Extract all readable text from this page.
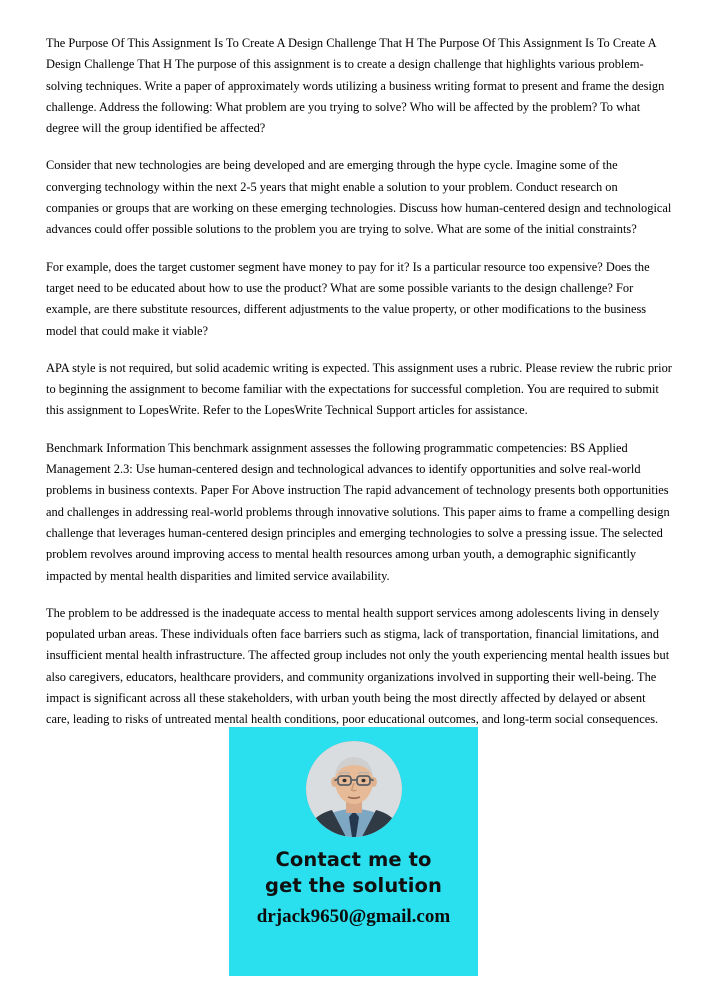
The Purpose Of This Assignment Is To Create A Design Challenge That H The Purpose Of This Assignment Is To Create A Design Challenge That H The purpose of this assignment is to create a design challenge that highlights various problem-solving techniques. Write a paper of approximately words utilizing a business writing format to present and frame the design challenge. Address the following: What problem are you trying to solve? Who will be affected by the problem? To what degree will the group identified be affected?

Consider that new technologies are being developed and are emerging through the hype cycle. Imagine some of the converging technology within the next 2-5 years that might enable a solution to your problem. Conduct research on companies or groups that are working on these emerging technologies. Discuss how human-centered design and technological advances could offer possible solutions to the problem you are trying to solve. What are some of the initial constraints?

For example, does the target customer segment have money to pay for it? Is a particular resource too expensive? Does the target need to be educated about how to use the product? What are some possible variants to the design challenge? For example, are there substitute resources, different adjustments to the value property, or other modifications to the business model that could make it viable?

APA style is not required, but solid academic writing is expected. This assignment uses a rubric. Please review the rubric prior to beginning the assignment to become familiar with the expectations for successful completion. You are required to submit this assignment to LopesWrite. Refer to the LopesWrite Technical Support articles for assistance.

Benchmark Information This benchmark assignment assesses the following programmatic competencies: BS Applied Management 2.3: Use human-centered design and technological advances to identify opportunities and solve real-world problems in business contexts. Paper For Above instruction The rapid advancement of technology presents both opportunities and challenges in addressing real-world problems through innovative solutions. This paper aims to frame a compelling design challenge that leverages human-centered design principles and emerging technologies to solve a pressing issue. The selected problem revolves around improving access to mental health resources among urban youth, a demographic significantly impacted by mental health disparities and limited service availability.

The problem to be addressed is the inadequate access to mental health support services among adolescents living in densely populated urban areas. These individuals often face barriers such as stigma, lack of transportation, financial limitations, and insufficient mental health infrastructure. The affected group includes not only the youth experiencing mental health issues but also caregivers, educators, healthcare providers, and community organizations involved in supporting their well-being. The impact is significant across all these stakeholders, with urban youth being the most directly affected by delayed or absent care, leading to risks of untreated mental health conditions, poor educational outcomes, and long-term social consequences.

Contact me to
get the solution
drjack9650@gmail.com
